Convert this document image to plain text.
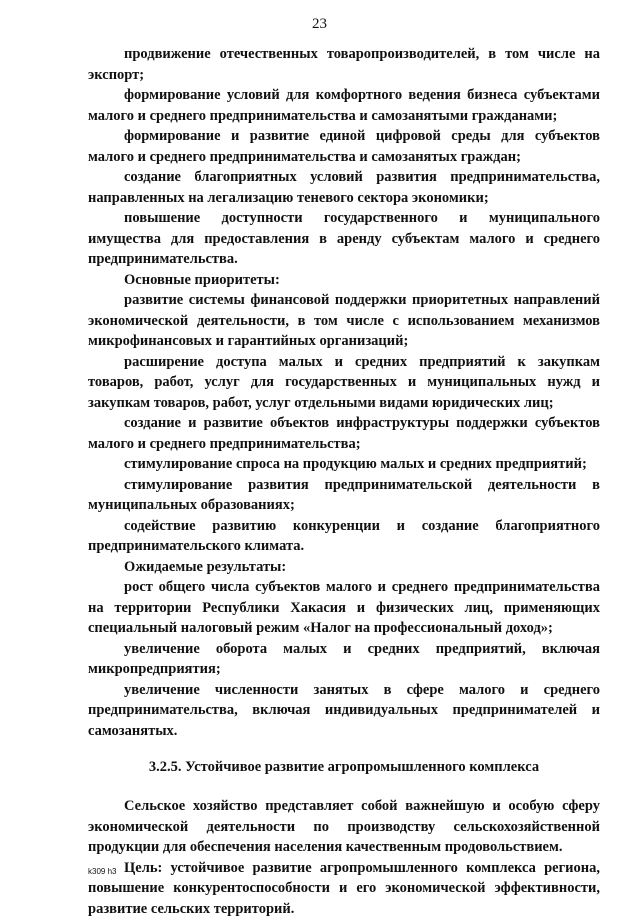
23

продвижение отечественных товаропроизводителей, в том числе на экспорт;

формирование условий для комфортного ведения бизнеса субъектами малого и среднего предпринимательства и самозанятыми гражданами;

формирование и развитие единой цифровой среды для субъектов малого и среднего предпринимательства и самозанятых граждан;

создание благоприятных условий развития предпринимательства, направленных на легализацию теневого сектора экономики;

повышение доступности государственного и муниципального имущества для предоставления в аренду субъектам малого и среднего предпринимательства.

Основные приоритеты:

развитие системы финансовой поддержки приоритетных направлений экономической деятельности, в том числе с использованием механизмов микрофинансовых и гарантийных организаций;

расширение доступа малых и средних предприятий к закупкам товаров, работ, услуг для государственных и муниципальных нужд и закупкам товаров, работ, услуг отдельными видами юридических лиц;

создание и развитие объектов инфраструктуры поддержки субъектов малого и среднего предпринимательства;

стимулирование спроса на продукцию малых и средних предприятий;

стимулирование развития предпринимательской деятельности в муниципальных образованиях;

содействие развитию конкуренции и создание благоприятного предпринимательского климата.

Ожидаемые результаты:

рост общего числа субъектов малого и среднего предпринимательства на территории Республики Хакасия и физических лиц, применяющих специальный налоговый режим «Налог на профессиональный доход»;

увеличение оборота малых и средних предприятий, включая микропредприятия;

увеличение численности занятых в сфере малого и среднего предпринимательства, включая индивидуальных предпринимателей и самозанятых.

3.2.5. Устойчивое развитие агропромышленного комплекса

Сельское хозяйство представляет собой важнейшую и особую сферу экономической деятельности по производству сельскохозяйственной продукции для обеспечения населения качественным продовольствием.

Цель: устойчивое развитие агропромышленного комплекса региона, повышение конкурентоспособности и его экономической эффективности, развитие сельских территорий.

k309 h3
